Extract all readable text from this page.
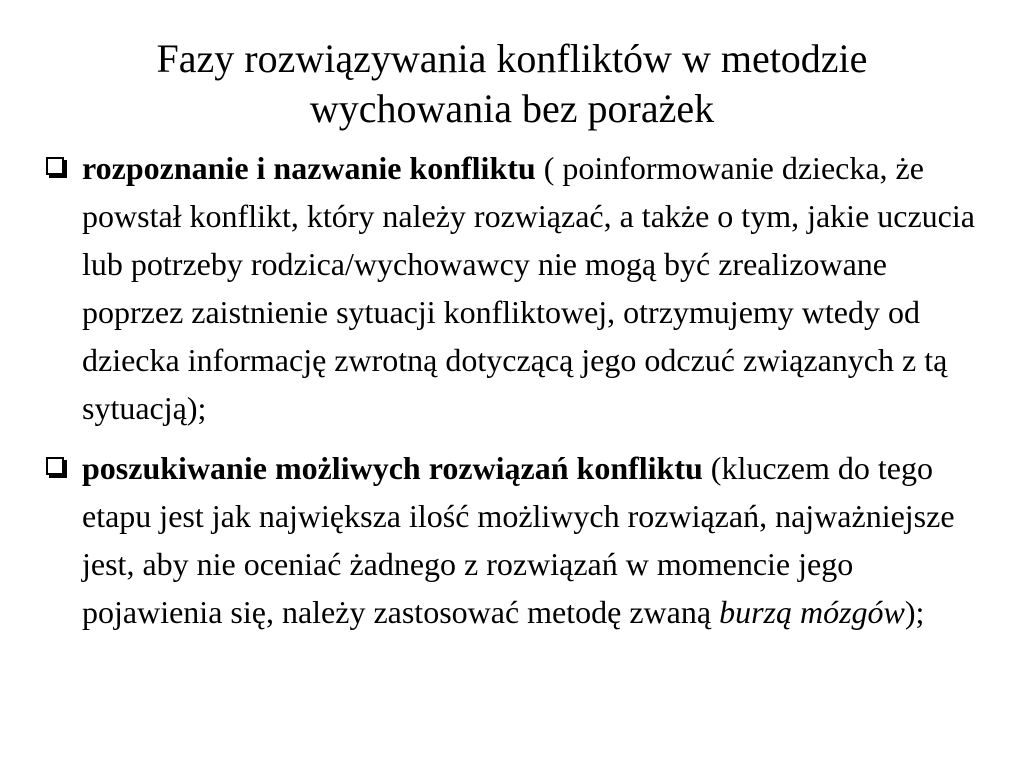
Fazy rozwiązywania konfliktów w metodzie
wychowania bez porażek
rozpoznanie i nazwanie konfliktu ( poinformowanie dziecka, że powstał konflikt, który należy rozwiązać, a także o tym, jakie uczucia lub potrzeby rodzica/wychowawcy nie mogą być zrealizowane poprzez zaistnienie sytuacji konfliktowej, otrzymujemy wtedy od dziecka informację zwrotną dotyczącą jego odczuć związanych z tą sytuacją);
poszukiwanie możliwych rozwiązań konfliktu (kluczem do tego etapu jest jak największa ilość możliwych rozwiązań, najważniejsze jest, aby nie oceniać żadnego z rozwiązań w momencie jego pojawienia się, należy zastosować metodę zwaną burzą mózgów);
